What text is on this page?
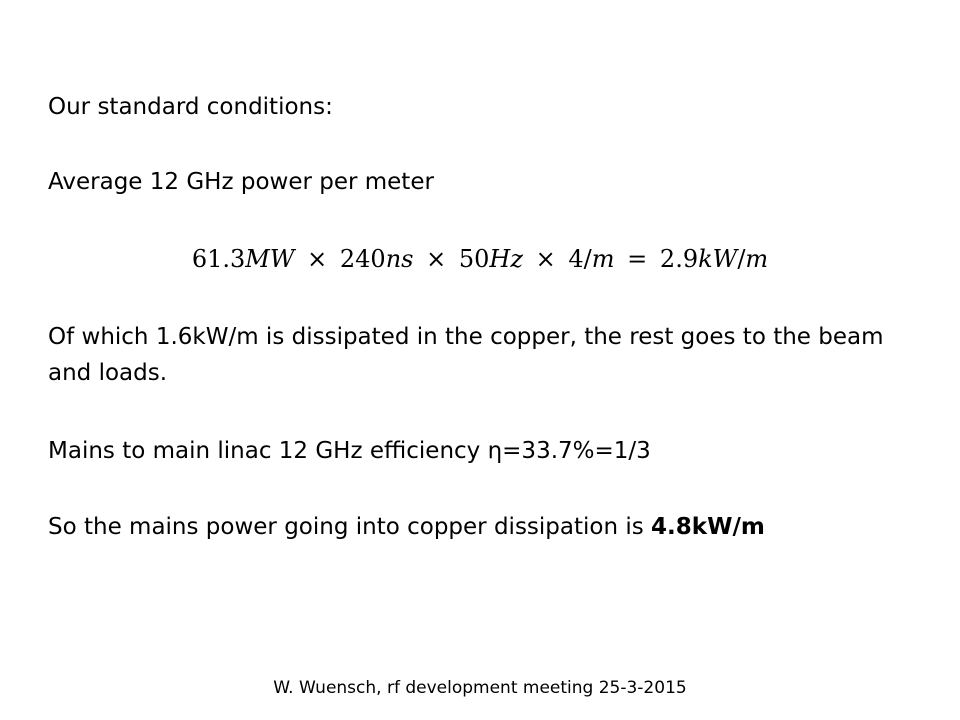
Our standard conditions:
Average 12 GHz power per meter
61.3MW × 240ns × 50Hz × 4/m = 2.9kW/m
Of which 1.6kW/m is dissipated in the copper, the rest goes to the beam and loads.
Mains to main linac 12 GHz efficiency η=33.7%=1/3
So the mains power going into copper dissipation is 4.8kW/m
W. Wuensch, rf development meeting 25-3-2015
